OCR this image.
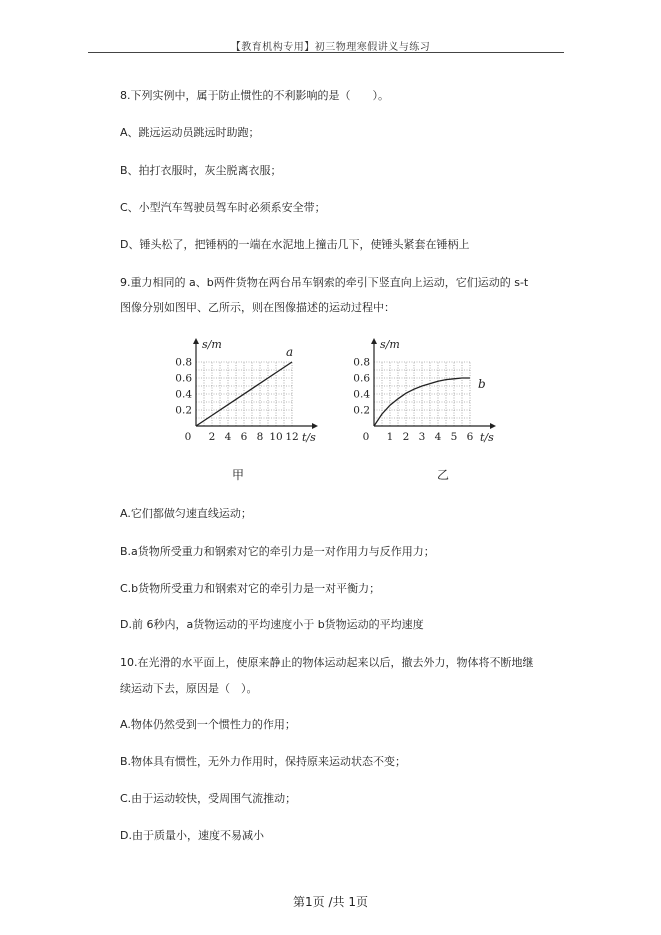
【教育机构专用】初三物理寒假讲义与练习
8.下列实例中，属于防止惯性的不利影响的是（　　）。
A、跳远运动员跳远时助跑；
B、拍打衣服时，灰尘脱离衣服；
C、小型汽车驾驶员驾车时必须系安全带；
D、锤头松了，把锤柄的一端在水泥地上撞击几下，使锤头紧套在锤柄上
9.重力相同的 a、b两件货物在两台吊车钢索的牵引下竖直向上运动，它们运动的 s-t
图像分别如图甲、乙所示，则在图像描述的运动过程中：
2 4 6 8 10 12
0.2
0.4
0.6
0.8
0
s/m
t/s
a
甲
1 2 3 4 5 6
0.2
0.4
0.6
0.8
0
s/m
t/s
b
乙
A.它们都做匀速直线运动；
B.a货物所受重力和钢索对它的牵引力是一对作用力与反作用力；
C.b货物所受重力和钢索对它的牵引力是一对平衡力；
D.前 6秒内，a货物运动的平均速度小于 b货物运动的平均速度
10.在光滑的水平面上，使原来静止的物体运动起来以后，撤去外力，物体将不断地继
续运动下去，原因是（　）。
A.物体仍然受到一个惯性力的作用；
B.物体具有惯性，无外力作用时，保持原来运动状态不变；
C.由于运动较快，受周围气流推动；
D.由于质量小，速度不易减小
第1页 /共 1页
